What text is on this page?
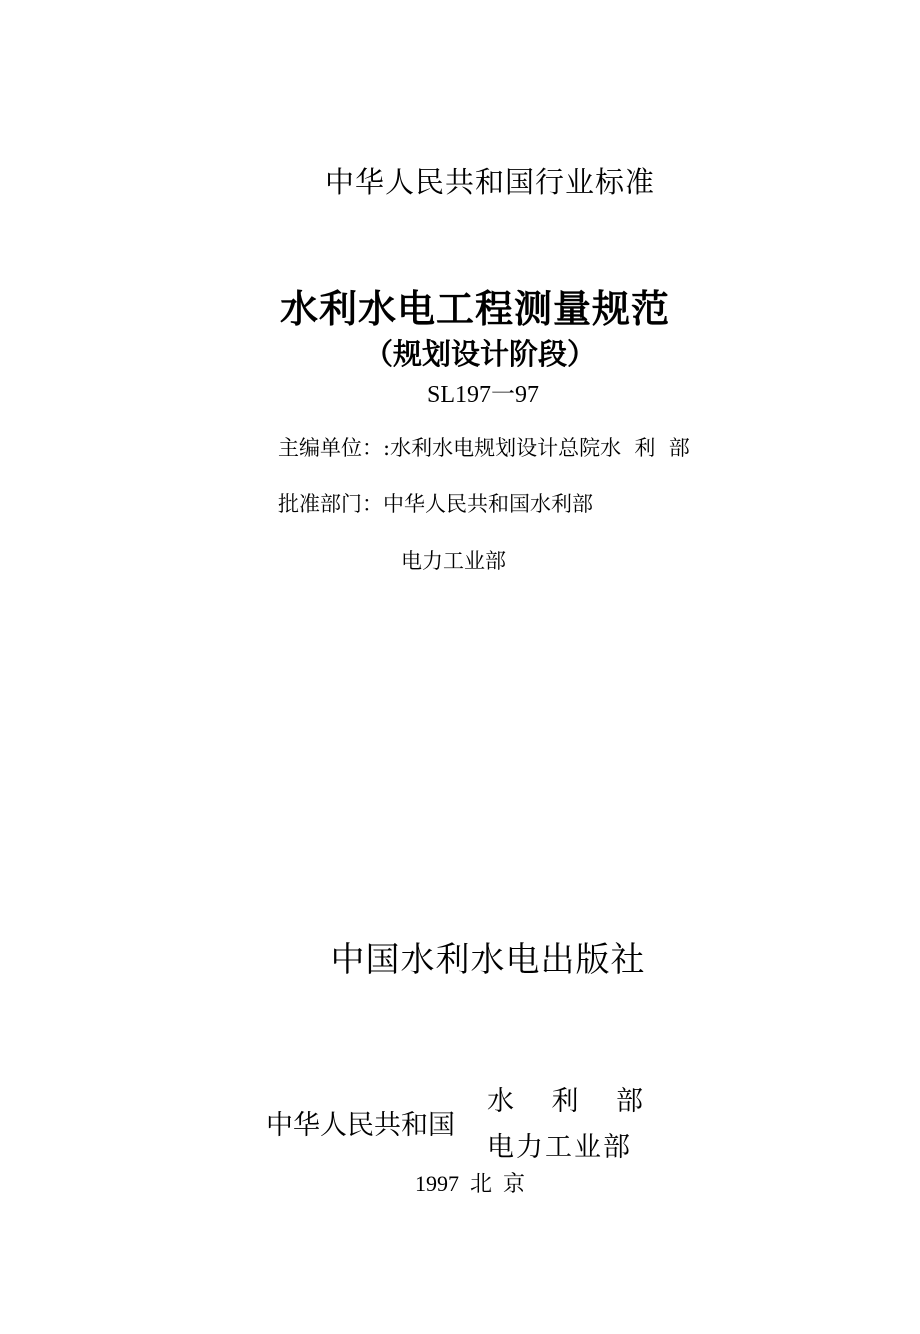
中华人民共和国行业标准
水利水电工程测量规范
（规划设计阶段）
SL197一97
主编单位：:水利水电规划设计总院水  利  部
批准部门：中华人民共和国水利部
电力工业部
中国水利水电出版社
中华人民共和国
水 利 部
电力工业部
1997  北  京
